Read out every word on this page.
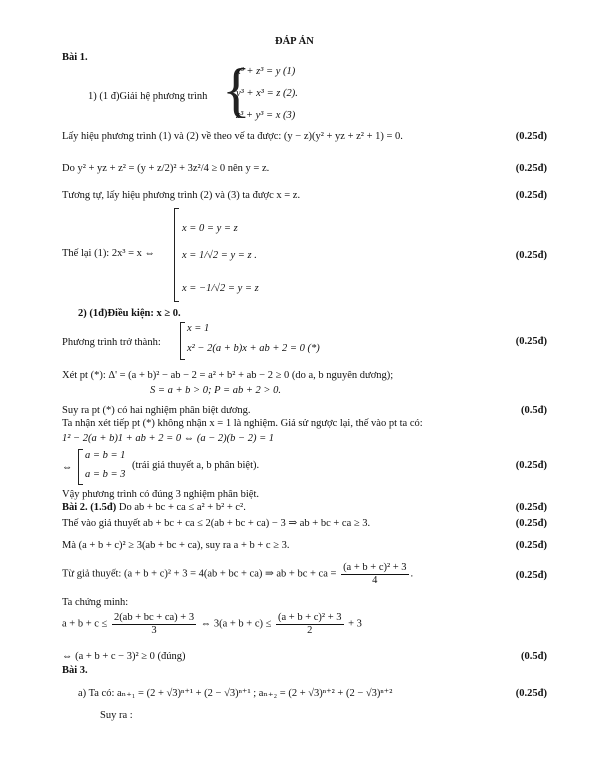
ĐÁP ÁN
Bài 1.
1) (1 đ)Giải hệ phương trình {
x³ + z³ = y (1)
y³ + x³ = z (2).
z³ + y³ = x (3)
Lấy hiệu phương trình (1) và (2) về theo vế ta được: (y − z)(y² + yz + z² + 1) = 0.	(0.25đ)
Do y² + yz + z² = (y + z/2)² + 3z²/4 ≥ 0 nên y = z.	(0.25đ)
Tương tự, lấy hiệu phương trình (2) và (3) ta được x = z.	(0.25đ)
Thế lại (1): 2x³ = x ⇔
x = 0 = y = z
x = 1/√2 = y = z .
x = −1/√2 = y = z
(0.25đ)
2) (1đ)Điều kiện: x ≥ 0.
Phương trình trở thành:
x = 1
x² − 2(a + b)x + ab + 2 = 0 (*)
(0.25đ)
Xét pt (*): Δ' = (a + b)² − ab − 2 = a² + b² + ab − 2 ≥ 0 (do a, b nguyên dương);
S = a + b > 0; P = ab + 2 > 0.
Suy ra pt (*) có hai nghiệm phân biệt dương.	(0.5đ)
Ta nhận xét tiếp pt (*) không nhận x = 1 là nghiệm. Giả sử ngược lại, thế vào pt ta có:
1² − 2(a + b)1 + ab + 2 = 0 ⇔ (a − 2)(b − 2) = 1
⇔
a = b = 1
a = b = 3
(trái giả thuyết a, b phân biệt).	(0.25đ)
Vậy phương trình có đúng 3 nghiệm phân biệt.
Bài 2. (1.5đ) Do ab + bc + ca ≤ a² + b² + c².	(0.25đ)
Thế vào giả thuyết ab + bc + ca ≤ 2(ab + bc + ca) − 3 ⇒ ab + bc + ca ≥ 3.	(0.25đ)
Mà (a + b + c)² ≥ 3(ab + bc + ca), suy ra a + b + c ≥ 3.	(0.25đ)
Từ giả thuyết: (a + b + c)² + 3 = 4(ab + bc + ca) ⇒ ab + bc + ca = $\frac{\text{(a + b + c)² + 3}}{4}$ .	(0.25đ)
Ta chứng minh:
$a + b + c \le \frac{2(ab + bc + ca) + 3}{3}$ ⇔ $3(a + b + c) \le \frac{\text{(a + b + c)² + 3}}{2} + 3$
⇔ (a + b + c − 3)² ≥ 0 (đúng)	(0.5đ)
Bài 3.
a) Ta có: aₙ₊₁ = (2 + √3)ⁿ⁺¹ + (2 − √3)ⁿ⁺¹ ; aₙ₊₂ = (2 + √3)ⁿ⁺² + (2 − √3)ⁿ⁺²	(0.25đ)
Suy ra :
